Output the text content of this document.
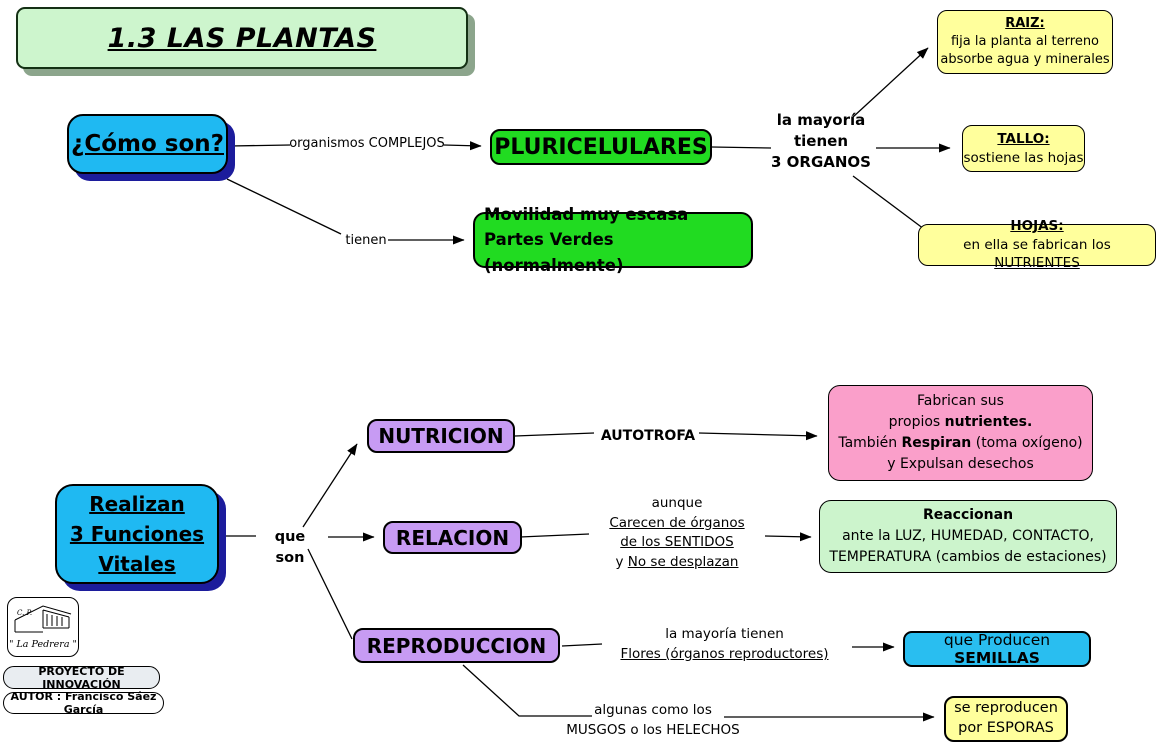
1.3 LAS PLANTAS
¿Cómo son?
Realizan
3 Funciones
Vitales
PLURICELULARES
Movilidad muy escasa
Partes Verdes (normalmente)
RAIZ:
fija la planta al terreno
absorbe agua y minerales
TALLO:
sostiene las hojas
HOJAS:
en ella se fabrican los NUTRIENTES
NUTRICION
RELACION
REPRODUCCION
Fabrican sus
propios nutrientes.
También Respiran (toma oxígeno)
y Expulsan desechos
Reaccionan
ante la LUZ, HUMEDAD, CONTACTO,
TEMPERATURA (cambios de estaciones)
que Producen SEMILLAS
se reproducen
por ESPORAS
organismos COMPLEJOS
la mayoría
tienen
3 ORGANOS
tienen
que son
AUTOTROFA
aunque
Carecen de órganos
de los SENTIDOS
y No se desplazan
la mayoría tienen
Flores (órganos reproductores)
algunas como los
MUSGOS o los HELECHOS
C. P.
" La Pedrera "
PROYECTO DE INNOVACIÓN
AUTOR : Francisco Sáez García
